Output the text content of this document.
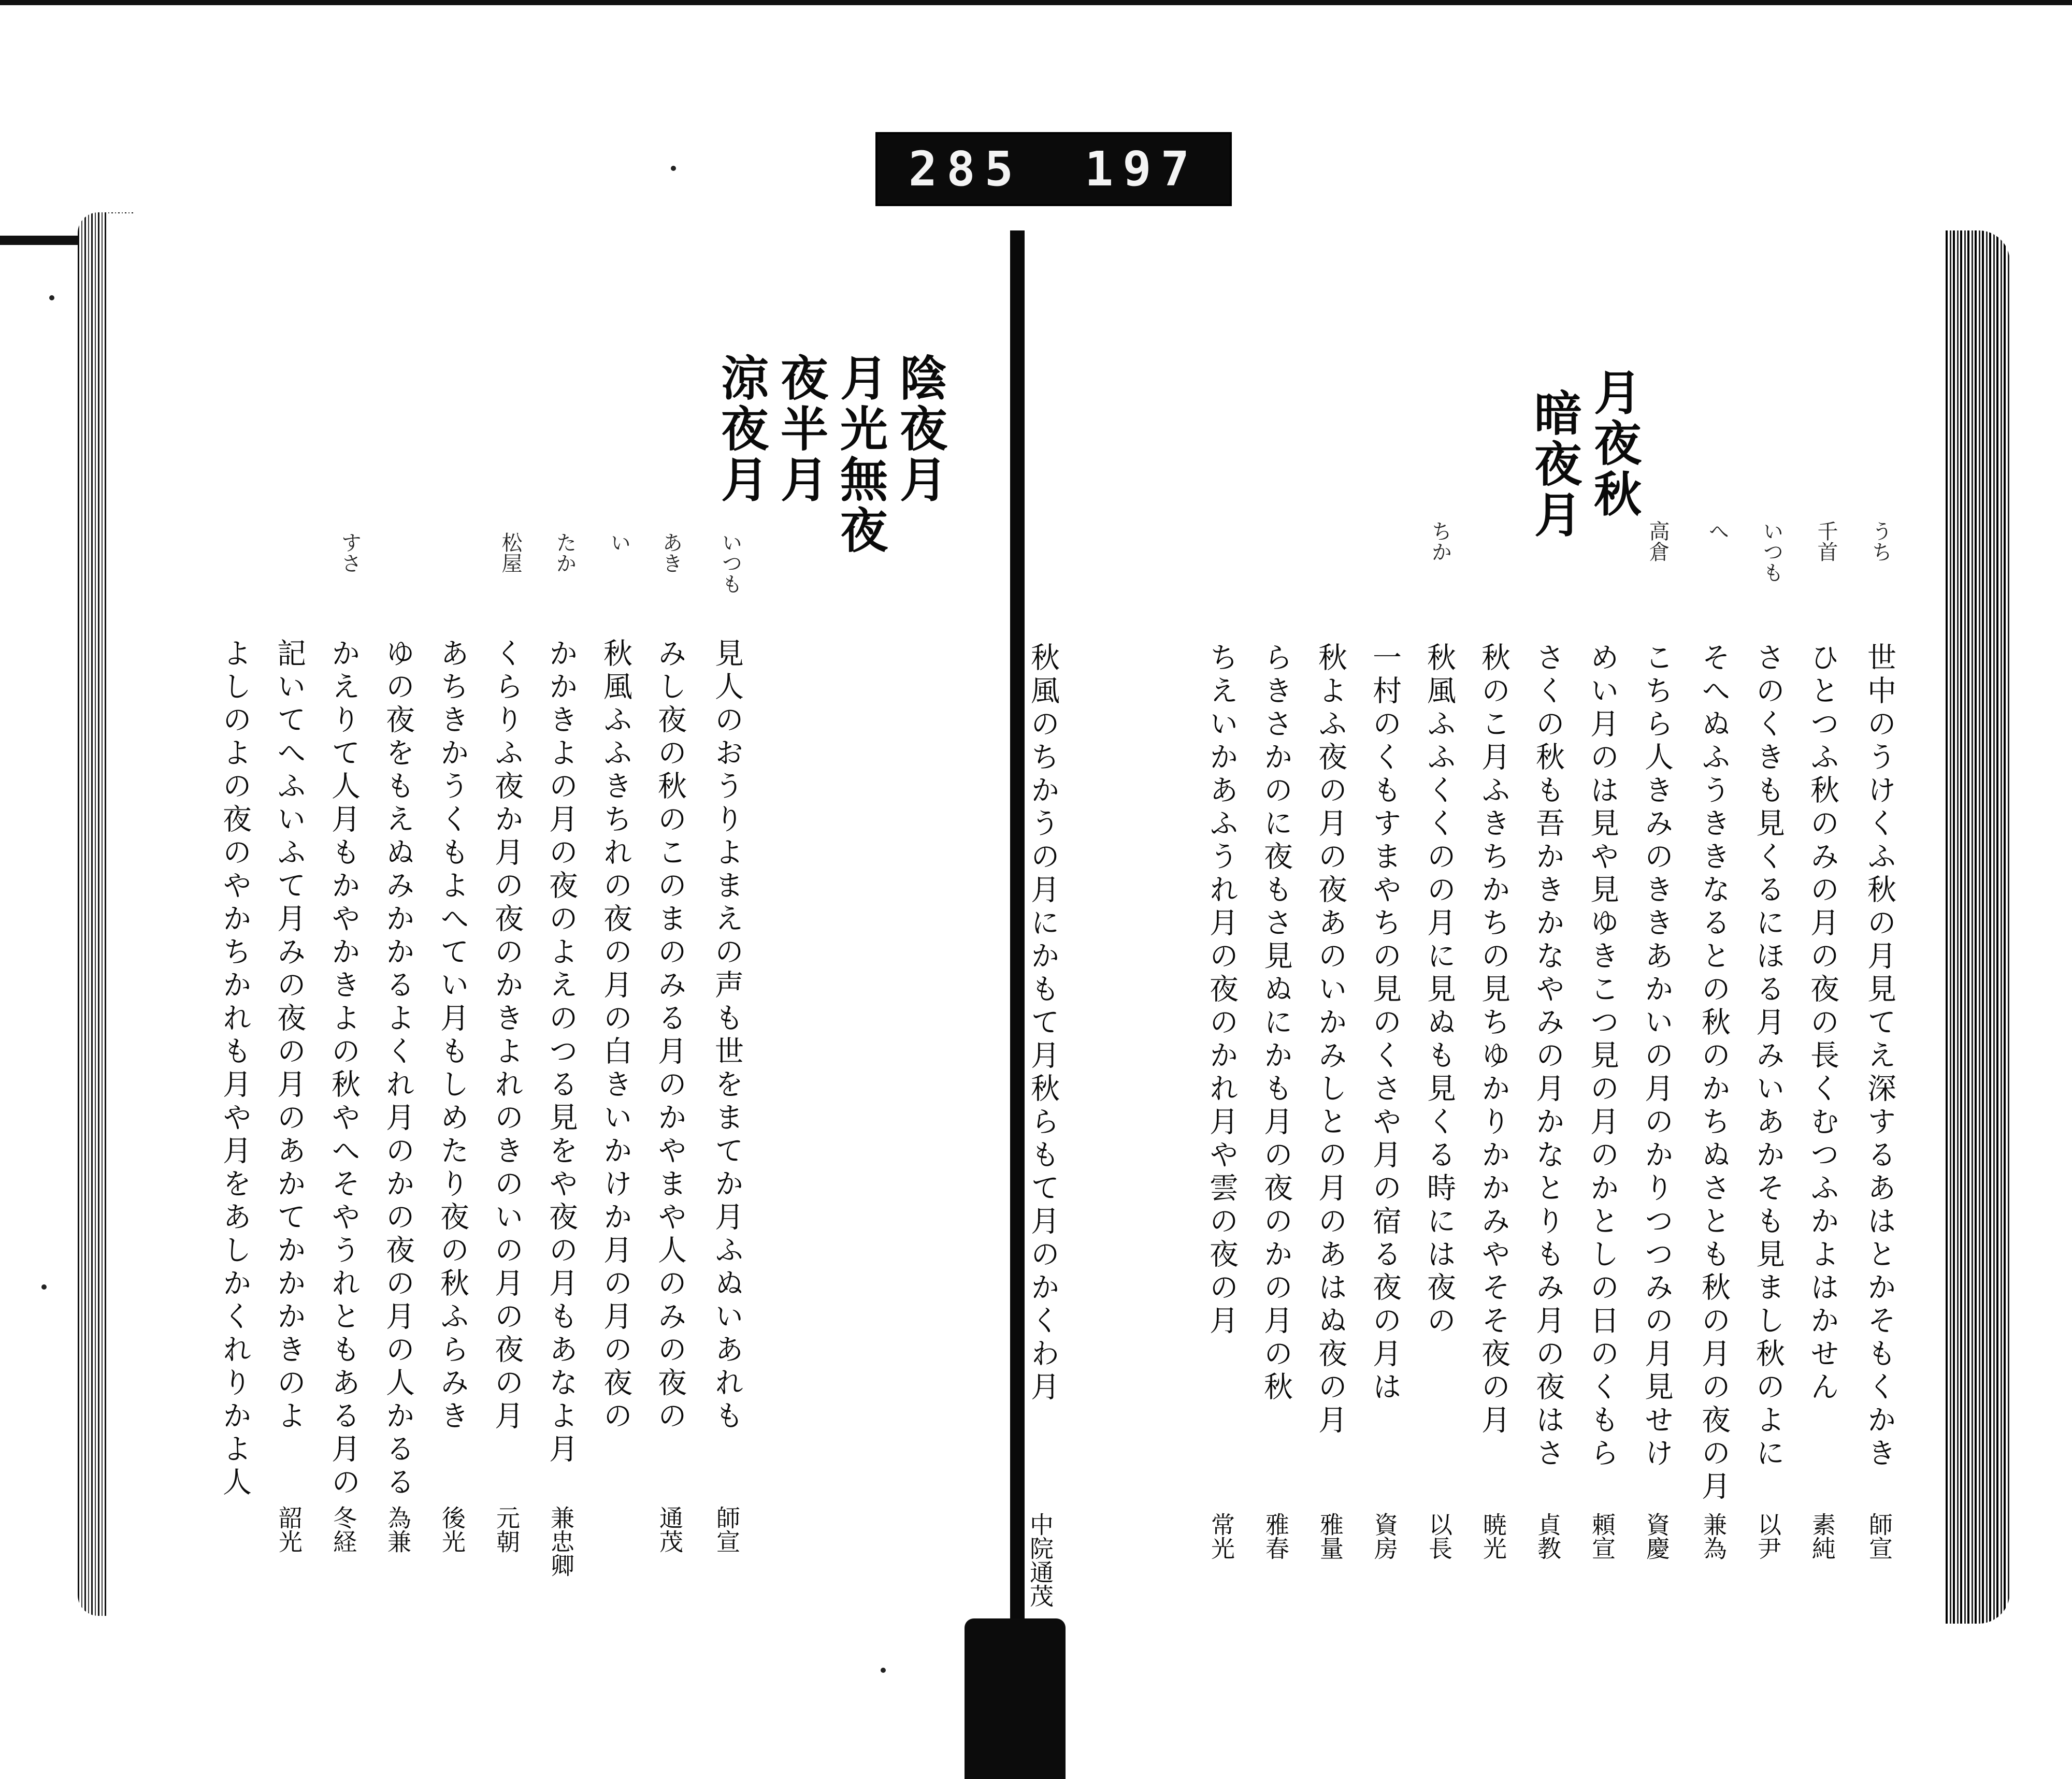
285 197
陰夜月
月光無夜
夜半月
涼夜月
いつも
見人のおうりよまえの声も世をまてか月ふぬいあれも
師宣
あき
みし夜の秋のこのまのみる月のかやまや人のみの夜の
通茂
い
秋風ふふきちれの夜の月の白きいかけか月の月の夜の
たか
かかきよの月の夜のよえのつる見をや夜の月もあなよ月
兼忠卿
松屋
くらりふ夜か月の夜のかきよれのきのいの月の夜の月
元朝
あちきかうくもよへてい月もしめたり夜の秋ふらみき
後光
ゆの夜をもえぬみかかるよくれ月のかの夜の月の人かるる
為兼
すさ
かえりて人月もかやかきよの秋やへそやうれともある月の
冬経
記いてへふいふて月みの夜の月のあかてかかかきのよ
韶光
よしのよの夜のやかちかれも月や月をあしかくれりかよ人
月夜秋
暗夜月
うち
世中のうけくふ秋の月見てえ深するあはとかそもくかき
師宣
千首
ひとつふ秋のみの月の夜の長くむつふかよはかせん
素純
いつも
さのくきも見くるにほる月みいあかそも見まし秋のよに
以尹
へ
そへぬふうききなるとの秋のかちぬさとも秋の月の夜の月
兼為
高倉
こちら人きみのききあかいの月のかりつつみの月見せけ
資慶
めい月のは見や見ゆきこつ見の月のかとしの日のくもら
頼宣
さくの秋も吾かきかなやみの月かなとりもみ月の夜はさ
貞教
秋のこ月ふきちかちの見ちゆかりかかみやそそ夜の月
暁光
ちか
秋風ふふくくのの月に見ぬも見くる時には夜の
以長
一村のくもすまやちの見のくさや月の宿る夜の月は
資房
秋よふ夜の月の夜あのいかみしとの月のあはぬ夜の月
雅量
らきさかのに夜もさ見ぬにかも月の夜のかの月の秋
雅春
ちえいかあふうれ月の夜のかれ月や雲の夜の月
常光
秋風のちかうの月にかもて月秋らもて月のかくわ月
中院通茂
